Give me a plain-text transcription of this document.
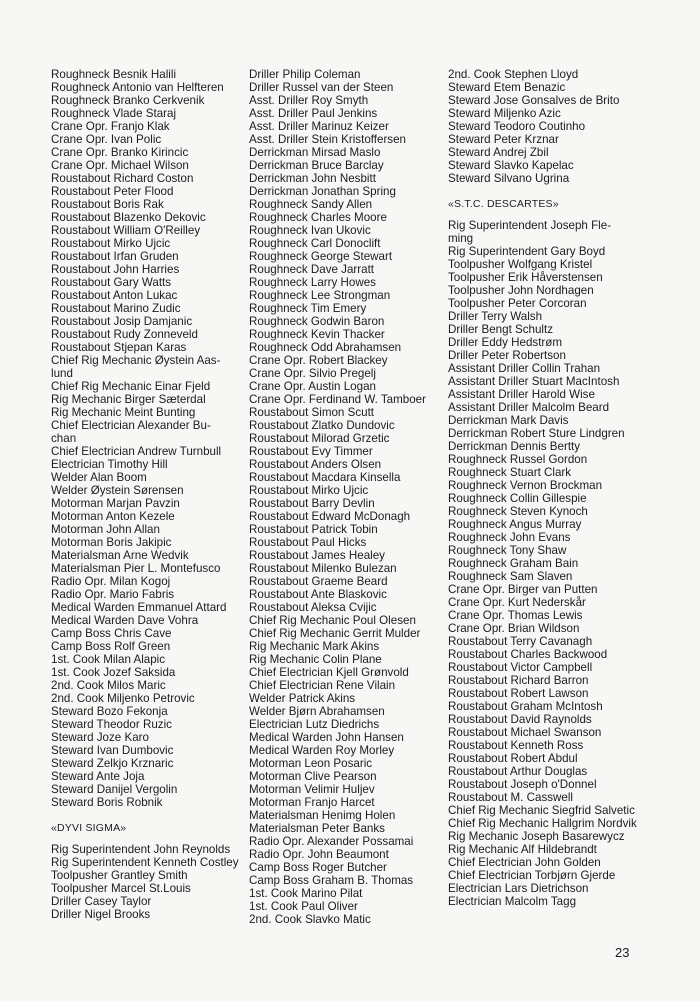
Roughneck Besnik Halili
Roughneck Antonio van Helfteren
Roughneck Branko Cerkvenik
Roughneck Vlade Staraj
Crane Opr. Franjo Klak
Crane Opr. Ivan Polic
Crane Opr. Branko Kirincic
Crane Opr. Michael Wilson
Roustabout Richard Coston
Roustabout Peter Flood
Roustabout Boris Rak
Roustabout Blazenko Dekovic
Roustabout William O'Reilley
Roustabout Mirko Ujcic
Roustabout Irfan Gruden
Roustabout John Harries
Roustabout Gary Watts
Roustabout Anton Lukac
Roustabout Marino Zudic
Roustabout Josip Damjanic
Roustabout Rudy Zonneveld
Roustabout Stjepan Karas
Chief Rig Mechanic Øystein Aas-
lund
Chief Rig Mechanic Einar Fjeld
Rig Mechanic Birger Sæterdal
Rig Mechanic Meint Bunting
Chief Electrician Alexander Bu-
chan
Chief Electrician Andrew Turnbull
Electrician Timothy Hill
Welder Alan Boom
Welder Øystein Sørensen
Motorman Marjan Pavzin
Motorman Anton Kezele
Motorman John Allan
Motorman Boris Jakipic
Materialsman Arne Wedvik
Materialsman Pier L. Montefusco
Radio Opr. Milan Kogoj
Radio Opr. Mario Fabris
Medical Warden Emmanuel Attard
Medical Warden Dave Vohra
Camp Boss Chris Cave
Camp Boss Rolf Green
1st. Cook Milan Alapic
1st. Cook Jozef Saksida
2nd. Cook Milos Maric
2nd. Cook Miljenko Petrovic
Steward Bozo Fekonja
Steward Theodor Ruzic
Steward Joze Karo
Steward Ivan Dumbovic
Steward Zelkjo Krznaric
Steward Ante Joja
Steward Danijel Vergolin
Steward Boris Robnik
«DYVI SIGMA»
Rig Superintendent John Reynolds
Rig Superintendent Kenneth Costley
Toolpusher Grantley Smith
Toolpusher Marcel St.Louis
Driller Casey Taylor
Driller Nigel Brooks
Driller Philip Coleman
Driller Russel van der Steen
Asst. Driller Roy Smyth
Asst. Driller Paul Jenkins
Asst. Driller Marinuz Keizer
Asst. Driller Stein Kristoffersen
Derrickman Mirsad Maslo
Derrickman Bruce Barclay
Derrickman John Nesbitt
Derrickman Jonathan Spring
Roughneck Sandy Allen
Roughneck Charles Moore
Roughneck Ivan Ukovic
Roughneck Carl Donoclift
Roughneck George Stewart
Roughneck Dave Jarratt
Roughneck Larry Howes
Roughneck Lee Strongman
Roughneck Tim Emery
Roughneck Godwin Baron
Roughneck Kevin Thacker
Roughneck Odd Abrahamsen
Crane Opr. Robert Blackey
Crane Opr. Silvio Pregelj
Crane Opr. Austin Logan
Crane Opr. Ferdinand W. Tamboer
Roustabout Simon Scutt
Roustabout Zlatko Dundovic
Roustabout Milorad Grzetic
Roustabout Evy Timmer
Roustabout Anders Olsen
Roustabout Macdara Kinsella
Roustabout Mirko Ujcic
Roustabout Barry Devlin
Roustabout Edward McDonagh
Roustabout Patrick Tobin
Roustabout Paul Hicks
Roustabout James Healey
Roustabout Milenko Bulezan
Roustabout Graeme Beard
Roustabout Ante Blaskovic
Roustabout Aleksa Cvijic
Chief Rig Mechanic Poul Olesen
Chief Rig Mechanic Gerrit Mulder
Rig Mechanic Mark Akins
Rig Mechanic Colin Plane
Chief Electrician Kjell Grønvold
Chief Electrician Rene Vilain
Welder Patrick Akins
Welder Bjørn Abrahamsen
Electrician Lutz Diedrichs
Medical Warden John Hansen
Medical Warden Roy Morley
Motorman Leon Posaric
Motorman Clive Pearson
Motorman Velimir Huljev
Motorman Franjo Harcet
Materialsman Henimg Holen
Materialsman Peter Banks
Radio Opr. Alexander Possamai
Radio Opr. John Beaumont
Camp Boss Roger Butcher
Camp Boss Graham B. Thomas
1st. Cook Marino Pilat
1st. Cook Paul Oliver
2nd. Cook Slavko Matic
2nd. Cook Stephen Lloyd
Steward Etem Benazic
Steward Jose Gonsalves de Brito
Steward Miljenko Azic
Steward Teodoro Coutinho
Steward Peter Krznar
Steward Andrej Zbil
Steward Slavko Kapelac
Steward Silvano Ugrina
«S.T.C. DESCARTES»
Rig Superintendent Joseph Fle-
ming
Rig Superintendent Gary Boyd
Toolpusher Wolfgang Kristel
Toolpusher Erik Håverstensen
Toolpusher John Nordhagen
Toolpusher Peter Corcoran
Driller Terry Walsh
Driller Bengt Schultz
Driller Eddy Hedstrøm
Driller Peter Robertson
Assistant Driller Collin Trahan
Assistant Driller Stuart MacIntosh
Assistant Driller Harold Wise
Assistant Driller Malcolm Beard
Derrickman Mark Davis
Derrickman Robert Sture Lindgren
Derrickman Dennis Bertty
Roughneck Russel Gordon
Roughneck Stuart Clark
Roughneck Vernon Brockman
Roughneck Collin Gillespie
Roughneck Steven Kynoch
Roughneck Angus Murray
Roughneck John Evans
Roughneck Tony Shaw
Roughneck Graham Bain
Roughneck Sam Slaven
Crane Opr. Birger van Putten
Crane Opr. Kurt Nederskår
Crane Opr. Thomas Lewis
Crane Opr. Brian Wildson
Roustabout Terry Cavanagh
Roustabout Charles Backwood
Roustabout Victor Campbell
Roustabout Richard Barron
Roustabout Robert Lawson
Roustabout Graham McIntosh
Roustabout David Raynolds
Roustabout Michael Swanson
Roustabout Kenneth Ross
Roustabout Robert Abdul
Roustabout Arthur Douglas
Roustabout Joseph o'Donnel
Roustabout M. Casswell
Chief Rig Mechanic Siegfrid Salvetic
Chief Rig Mechanic Hallgrim Nordvik
Rig Mechanic Joseph Basarewycz
Rig Mechanic Alf Hildebrandt
Chief Electrician John Golden
Chief Electrician Torbjørn Gjerde
Electrician Lars Dietrichson
Electrician Malcolm Tagg
23
